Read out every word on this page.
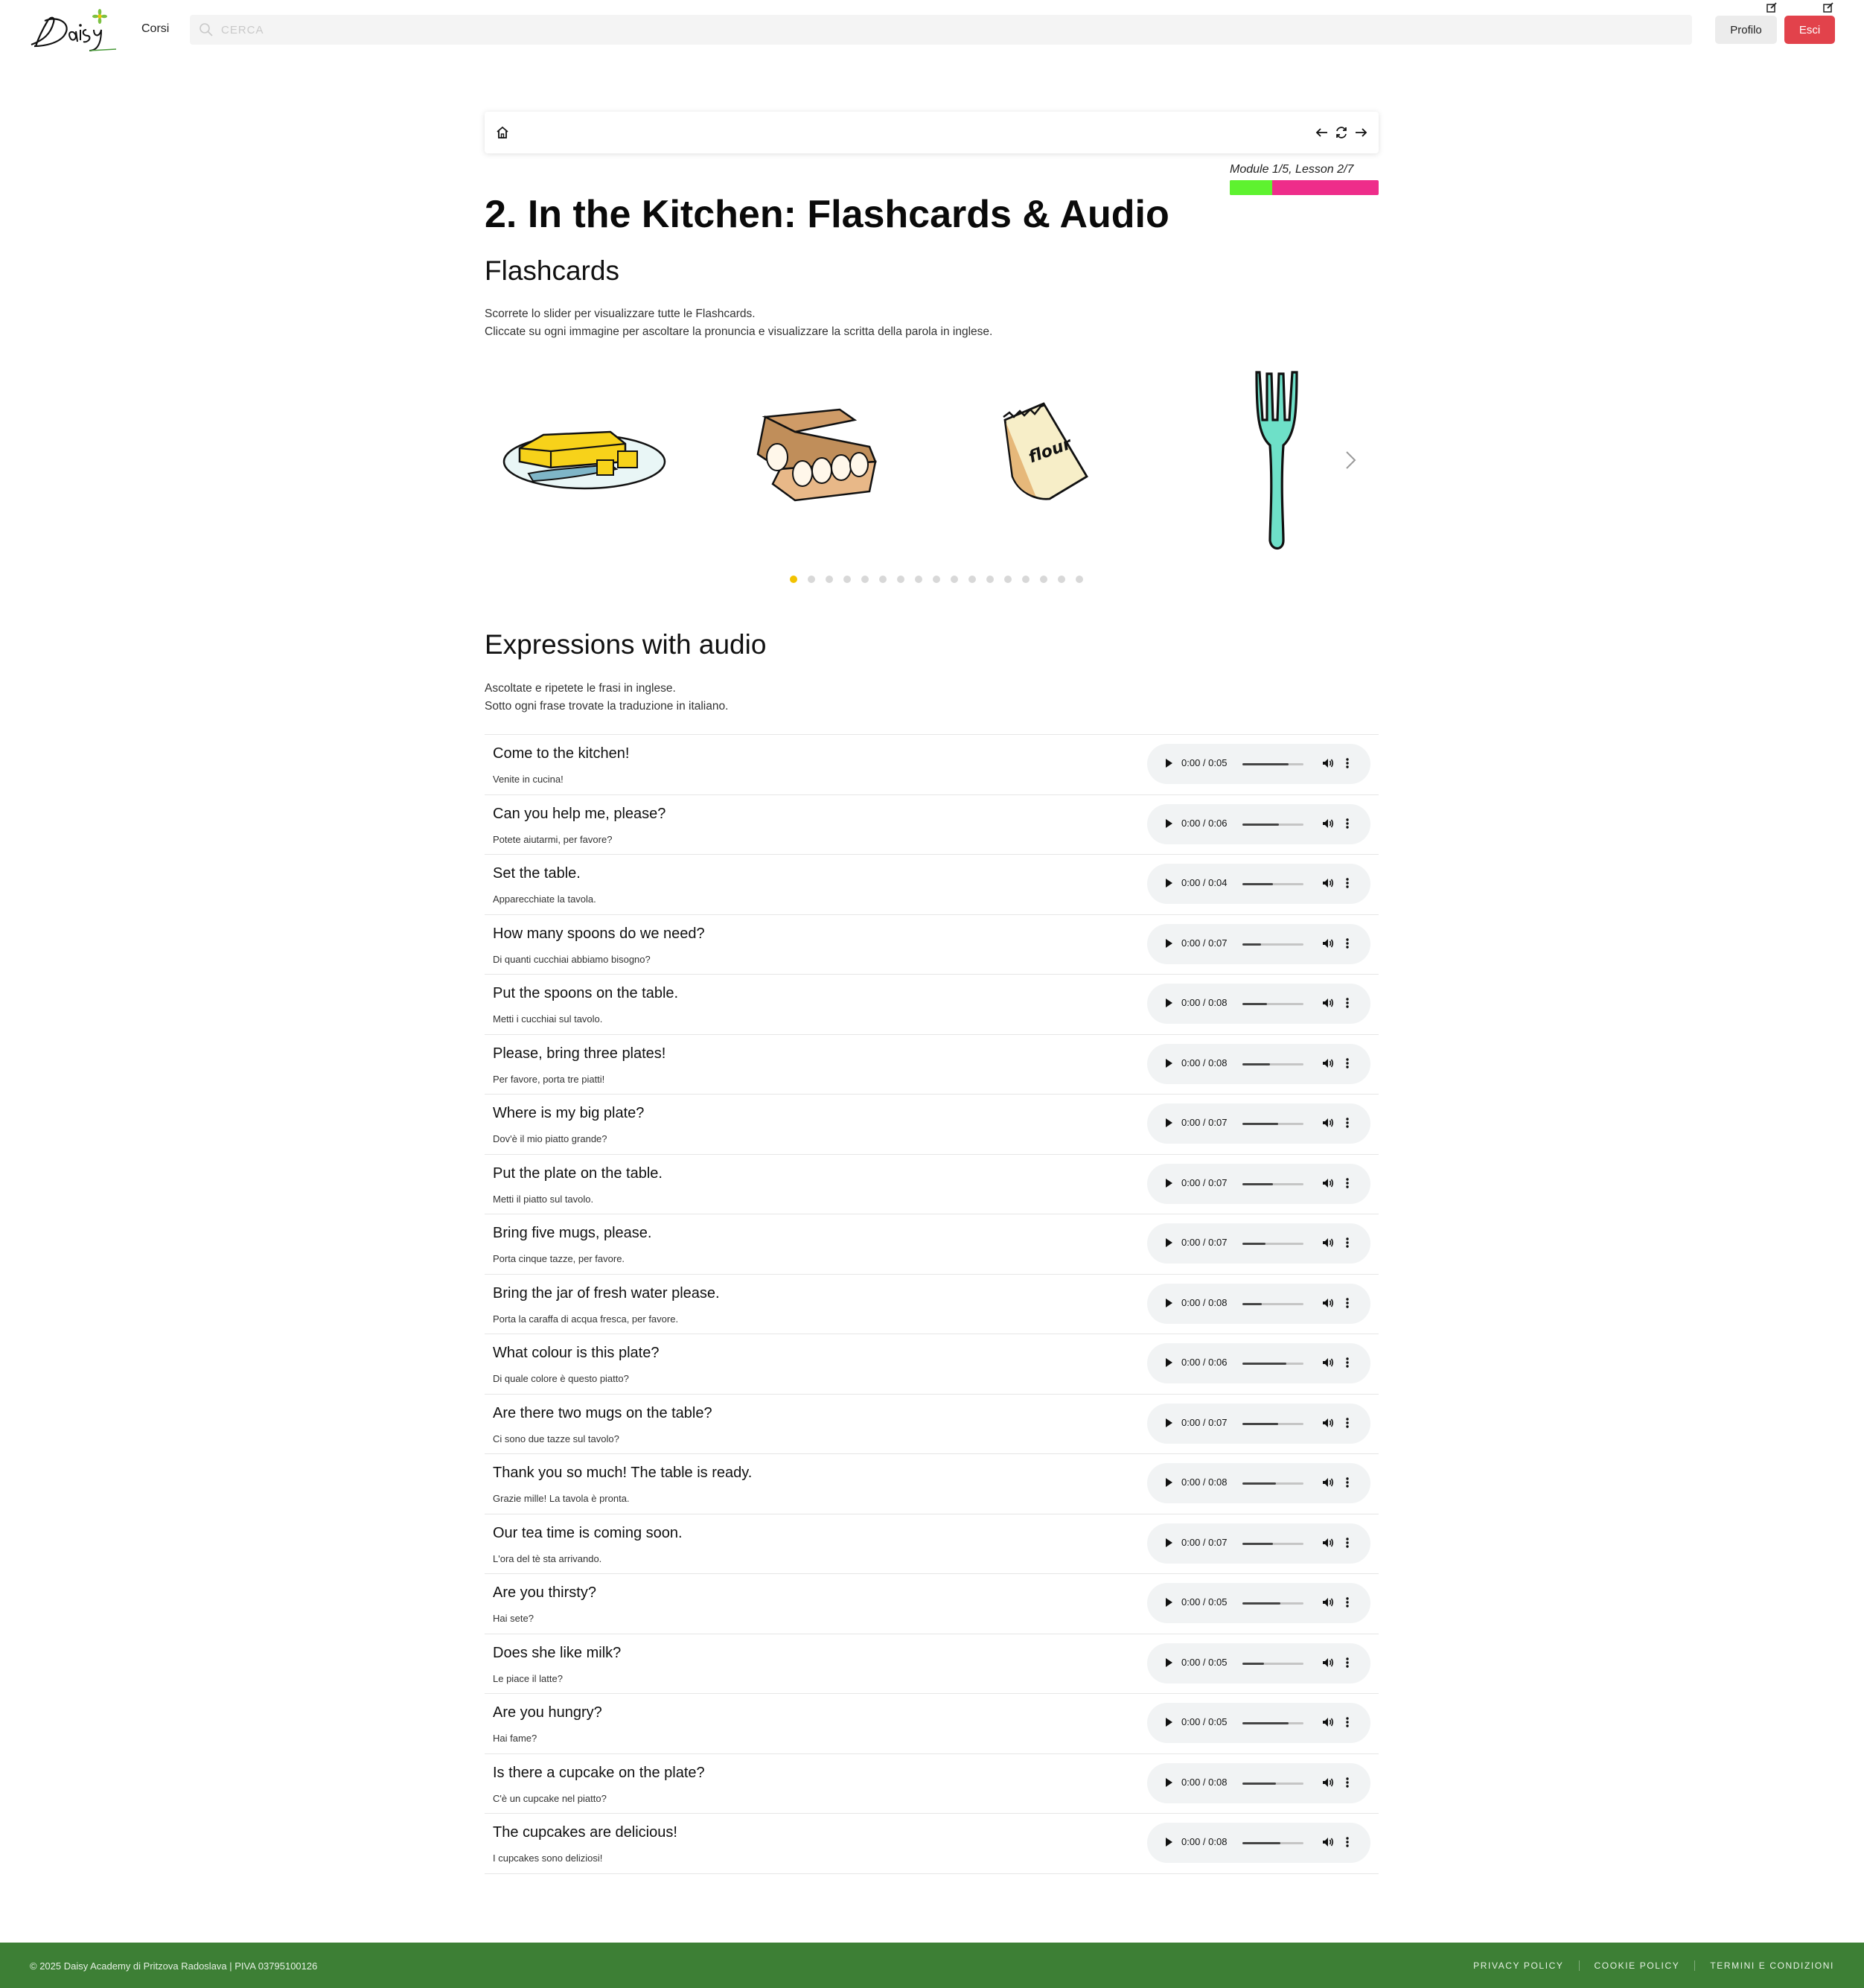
Corsi
CERCA	Profilo	Esci
Module 1/5, Lesson 2/7
2. In the Kitchen: Flashcards & Audio
Flashcards
Scorrete lo slider per visualizzare tutte le Flashcards.
Cliccate su ogni immagine per ascoltare la pronuncia e visualizzare la scritta della parola in inglese.
flour
Expressions with audio
Ascoltate e ripetete le frasi in inglese.
Sotto ogni frase trovate la traduzione in italiano.
Come to the kitchen!
Venite in cucina!
0:00 / 0:05
Can you help me, please?
Potete aiutarmi, per favore?
0:00 / 0:06
Set the table.
Apparecchiate la tavola.
0:00 / 0:04
How many spoons do we need?
Di quanti cucchiai abbiamo bisogno?
0:00 / 0:07
Put the spoons on the table.
Metti i cucchiai sul tavolo.
0:00 / 0:08
Please, bring three plates!
Per favore, porta tre piatti!
0:00 / 0:08
Where is my big plate?
Dov'è il mio piatto grande?
0:00 / 0:07
Put the plate on the table.
Metti il piatto sul tavolo.
0:00 / 0:07
Bring five mugs, please.
Porta cinque tazze, per favore.
0:00 / 0:07
Bring the jar of fresh water please.
Porta la caraffa di acqua fresca, per favore.
0:00 / 0:08
What colour is this plate?
Di quale colore è questo piatto?
0:00 / 0:06
Are there two mugs on the table?
Ci sono due tazze sul tavolo?
0:00 / 0:07
Thank you so much! The table is ready.
Grazie mille! La tavola è pronta.
0:00 / 0:08
Our tea time is coming soon.
L'ora del tè sta arrivando.
0:00 / 0:07
Are you thirsty?
Hai sete?
0:00 / 0:05
Does she like milk?
Le piace il latte?
0:00 / 0:05
Are you hungry?
Hai fame?
0:00 / 0:05
Is there a cupcake on the plate?
C'è un cupcake nel piatto?
0:00 / 0:08
The cupcakes are delicious!
I cupcakes sono deliziosi!
0:00 / 0:08
© 2025 Daisy Academy di Pritzova Radoslava | PIVA 03795100126	PRIVACY POLICY	COOKIE POLICY	TERMINI E CONDIZIONI
